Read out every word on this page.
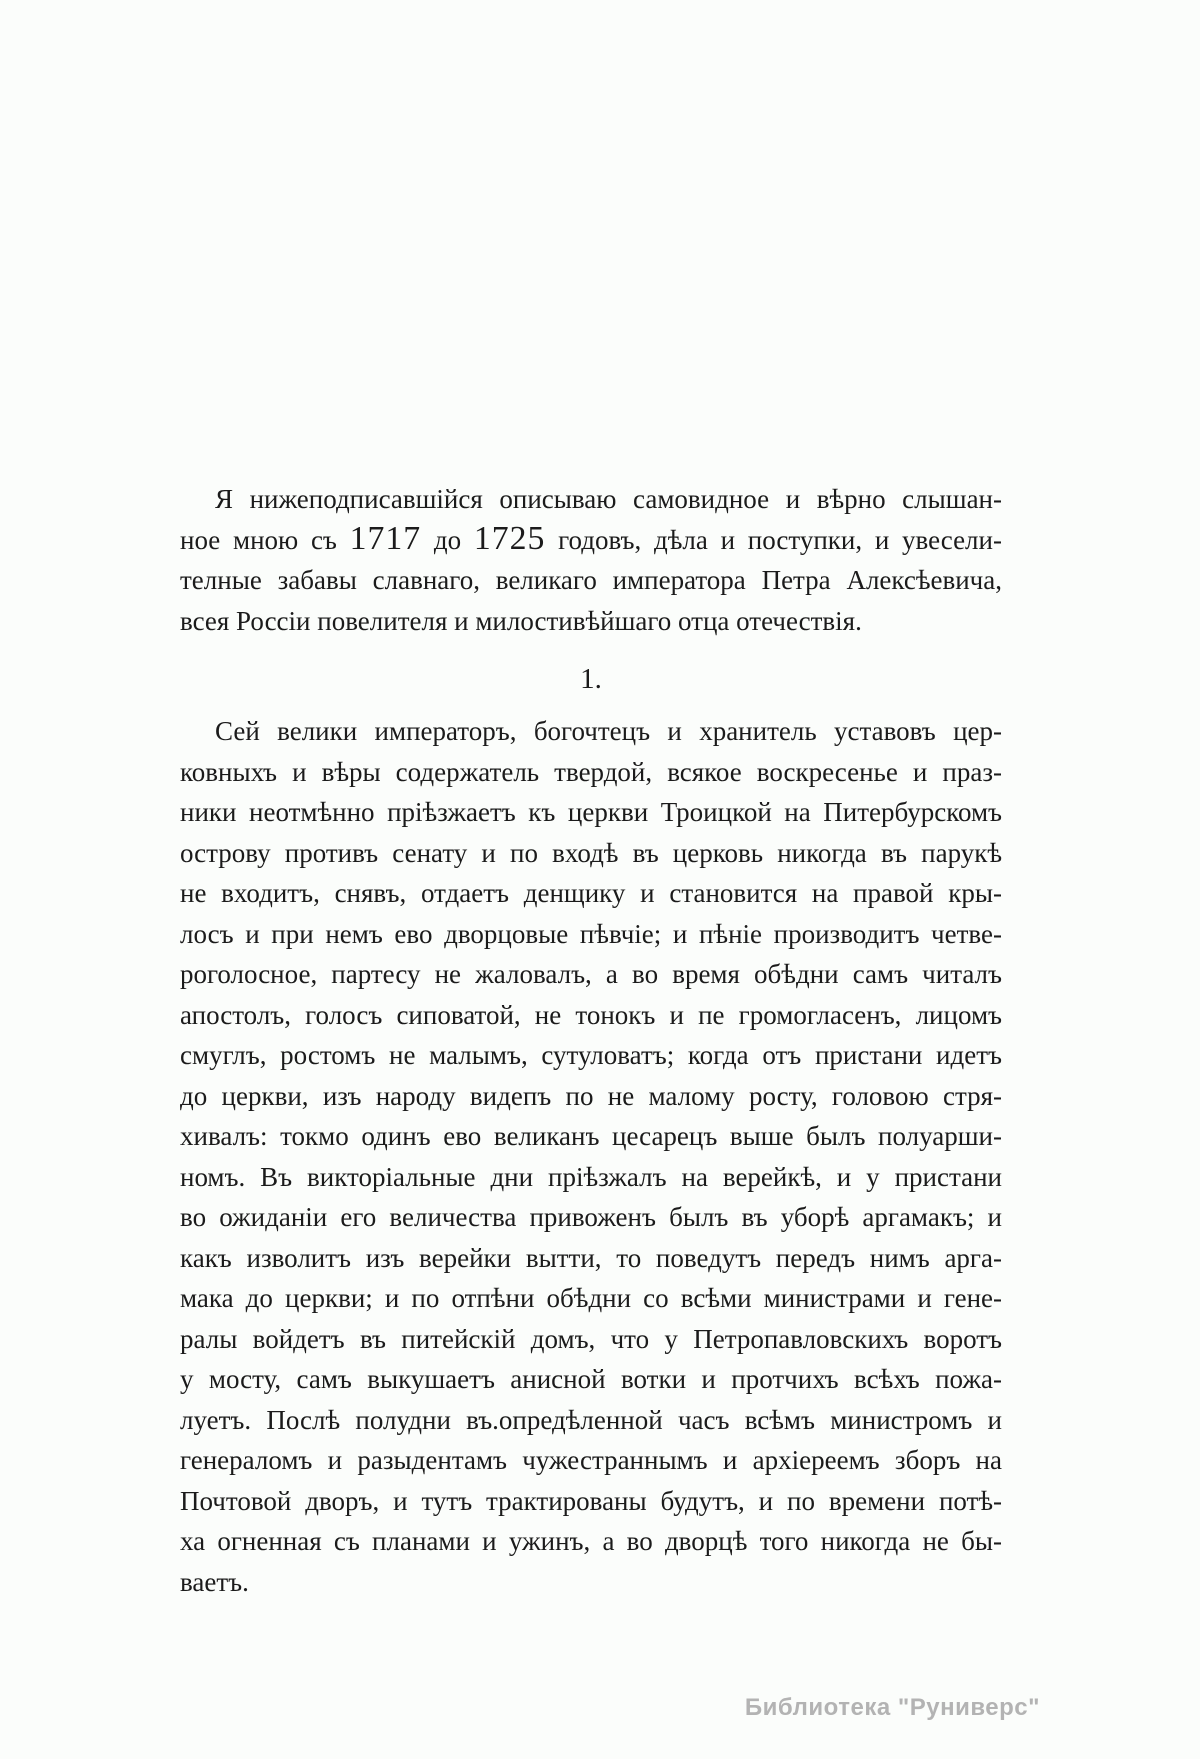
Я нижеподписавшійся описываю самовидное и вѣрно слышан-
ное мною съ 1717 до 1725 годовъ, дѣла и поступки, и увесели-
телные забавы славнаго, великаго императора Петра Алексѣевича,
всея Россіи повелителя и милостивѣйшаго отца отечествія.
1.
Сей велики императоръ, богочтецъ и хранитель уставовъ цер-
ковныхъ и вѣры содержатель твердой, всякое воскресенье и праз-
ники неотмѣнно пріѣзжаетъ къ церкви Троицкой на Питербурскомъ
острову противъ сенату и по входѣ въ церковь никогда въ парукѣ
не входитъ, снявъ, отдаетъ денщику и становится на правой кры-
лосъ и при немъ ево дворцовые пѣвчіе; и пѣніе производитъ четве-
роголосное, партесу не жаловалъ, а во время обѣдни самъ читалъ
апостолъ, голосъ сиповатой, не тонокъ и пе громогласенъ, лицомъ
смуглъ, ростомъ не малымъ, сутуловатъ; когда отъ пристани идетъ
до церкви, изъ народу видепъ по не малому росту, головою стря-
хивалъ: токмо одинъ ево великанъ цесарецъ выше былъ полуарши-
номъ. Въ викторіальные дни пріѣзжалъ на верейкѣ, и у пристани
во ожиданіи его величества привоженъ былъ въ уборѣ аргамакъ; и
какъ изволитъ изъ верейки вытти, то поведутъ передъ нимъ арга-
мака до церкви; и по отпѣни обѣдни со всѣми министрами и гене-
ралы войдетъ въ питейскій домъ, что у Петропавловскихъ воротъ
у мосту, самъ выкушаетъ анисной вотки и протчихъ всѣхъ пожа-
луетъ. Послѣ полудни въ.опредѣленной часъ всѣмъ министромъ и
генераломъ и разыдентамъ чужестраннымъ и архіереемъ зборъ на
Почтовой дворъ, и тутъ трактированы будутъ, и по времени потѣ-
ха огненная съ планами и ужинъ, а во дворцѣ того никогда не бы-
ваетъ.
Библиотека "Руниверс"
